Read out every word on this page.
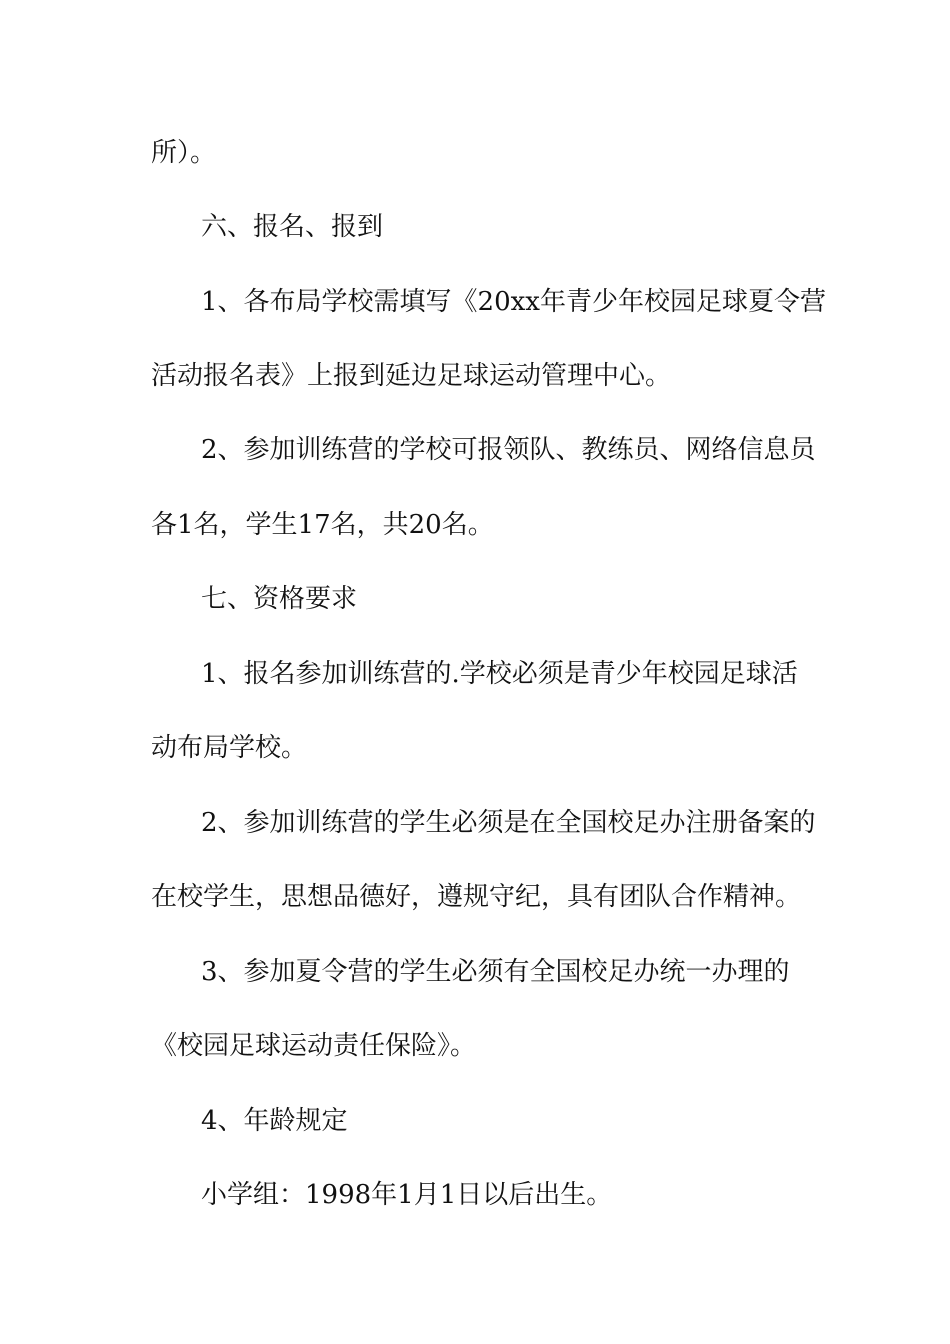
所）。
六、报名、报到
1、各布局学校需填写《20xx年青少年校园足球夏令营
活动报名表》上报到延边足球运动管理中心。
2、参加训练营的学校可报领队、教练员、网络信息员
各1名，学生17名，共20名。
七、资格要求
1、报名参加训练营的.学校必须是青少年校园足球活
动布局学校。
2、参加训练营的学生必须是在全国校足办注册备案的
在校学生，思想品德好，遵规守纪，具有团队合作精神。
3、参加夏令营的学生必须有全国校足办统一办理的
《校园足球运动责任保险》。
4、年龄规定
小学组：1998年1月1日以后出生。
